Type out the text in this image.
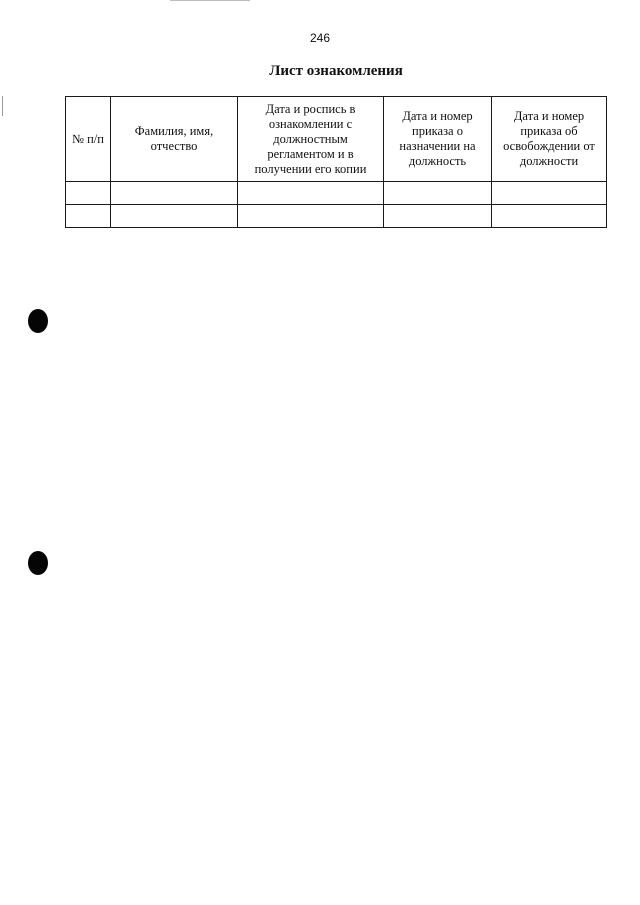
246
Лист ознакомления
№ п/п	Фамилия, имя, отчество	Дата и роспись в ознакомлении с должностным регламентом и в получении его копии	Дата и номер приказа о назначении на должность	Дата и номер приказа об освобождении от должности
